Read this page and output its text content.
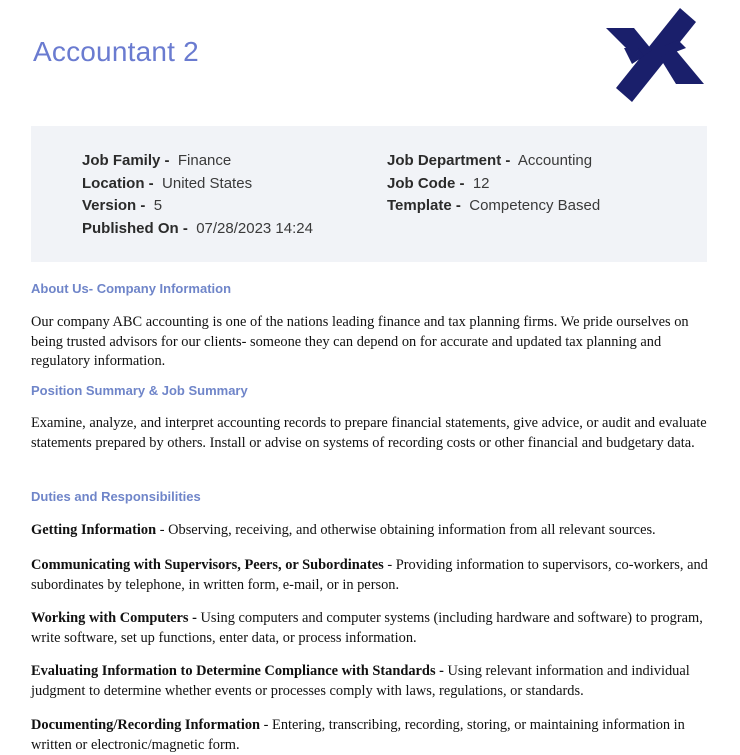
Accountant 2
Job Family - Finance
Location - United States
Version - 5
Published On - 07/28/2023 14:24
Job Department - Accounting
Job Code - 12
Template - Competency Based
About Us- Company Information

Our company ABC accounting is one of the nations leading finance and tax planning firms. We pride ourselves on being trusted advisors for our clients- someone they can depend on for accurate and updated tax planning and regulatory information.

Position Summary & Job Summary

Examine, analyze, and interpret accounting records to prepare financial statements, give advice, or audit and evaluate statements prepared by others. Install or advise on systems of recording costs or other financial and budgetary data.

Duties and Responsibilities

Getting Information - Observing, receiving, and otherwise obtaining information from all relevant sources.

Communicating with Supervisors, Peers, or Subordinates - Providing information to supervisors, co-workers, and subordinates by telephone, in written form, e-mail, or in person.

Working with Computers - Using computers and computer systems (including hardware and software) to program, write software, set up functions, enter data, or process information.

Evaluating Information to Determine Compliance with Standards - Using relevant information and individual judgment to determine whether events or processes comply with laws, regulations, or standards.

Documenting/Recording Information - Entering, transcribing, recording, storing, or maintaining information in written or electronic/magnetic form.
